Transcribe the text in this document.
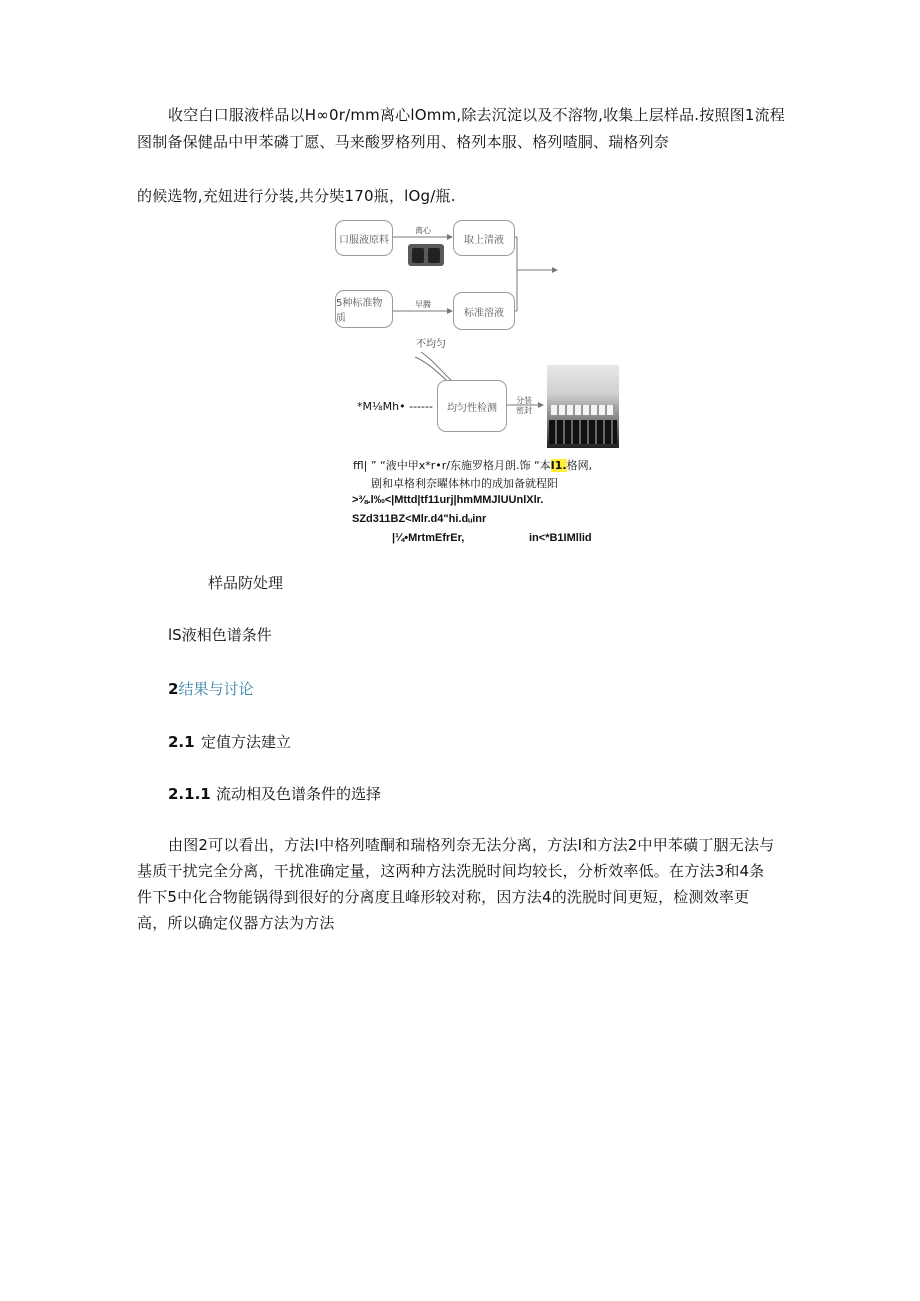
收空白口服液样品以H∞0r/mm离心lOmm,除去沉淀以及不溶物,收集上层样品.按照图1流程
图制备保健品中甲苯磷丁愿、马来酸罗格列用、格列本服、格列喳胴、瑞格列奈
的候选物,充妞进行分装,共分奘170瓶，lOg/瓶.
口服液原料
离心
取上清液
5种标准物质
早腾
标准溶液
不均匀
*M⅛Mh• ------	均匀性检测
分装
密封
ffl| ” “液中甲x*r•r/东施罗格月朗.饰 “本I1.格网,
剧和卓格利奈曜体林巾的成加备就程阳
>⅜.l‰<|Mttd|tf11urj|hmMMJlUUnlXlr.
SZd311BZ<Mlr.d4"hi.dᵤinr
|¼•MrtmEfrEr,	in<*B1IMllid
样品防处理
lS液相色谱条件
2结果与讨论
2.1 定值方法建立
2.1.1 流动相及色谱条件的选择
由图2可以看出，方法I中格列喳酮和瑞格列奈无法分离，方法I和方法2中甲苯磺丁胭无法与
基质干扰完全分离，干扰准确定量，这两种方法洗脱时间均较长，分析效率低。在方法3和4条
件下5中化合物能锅得到很好的分离度且峰形较对称，因方法4的洗脱时间更短，检测效率更
高，所以确定仪器方法为方法
